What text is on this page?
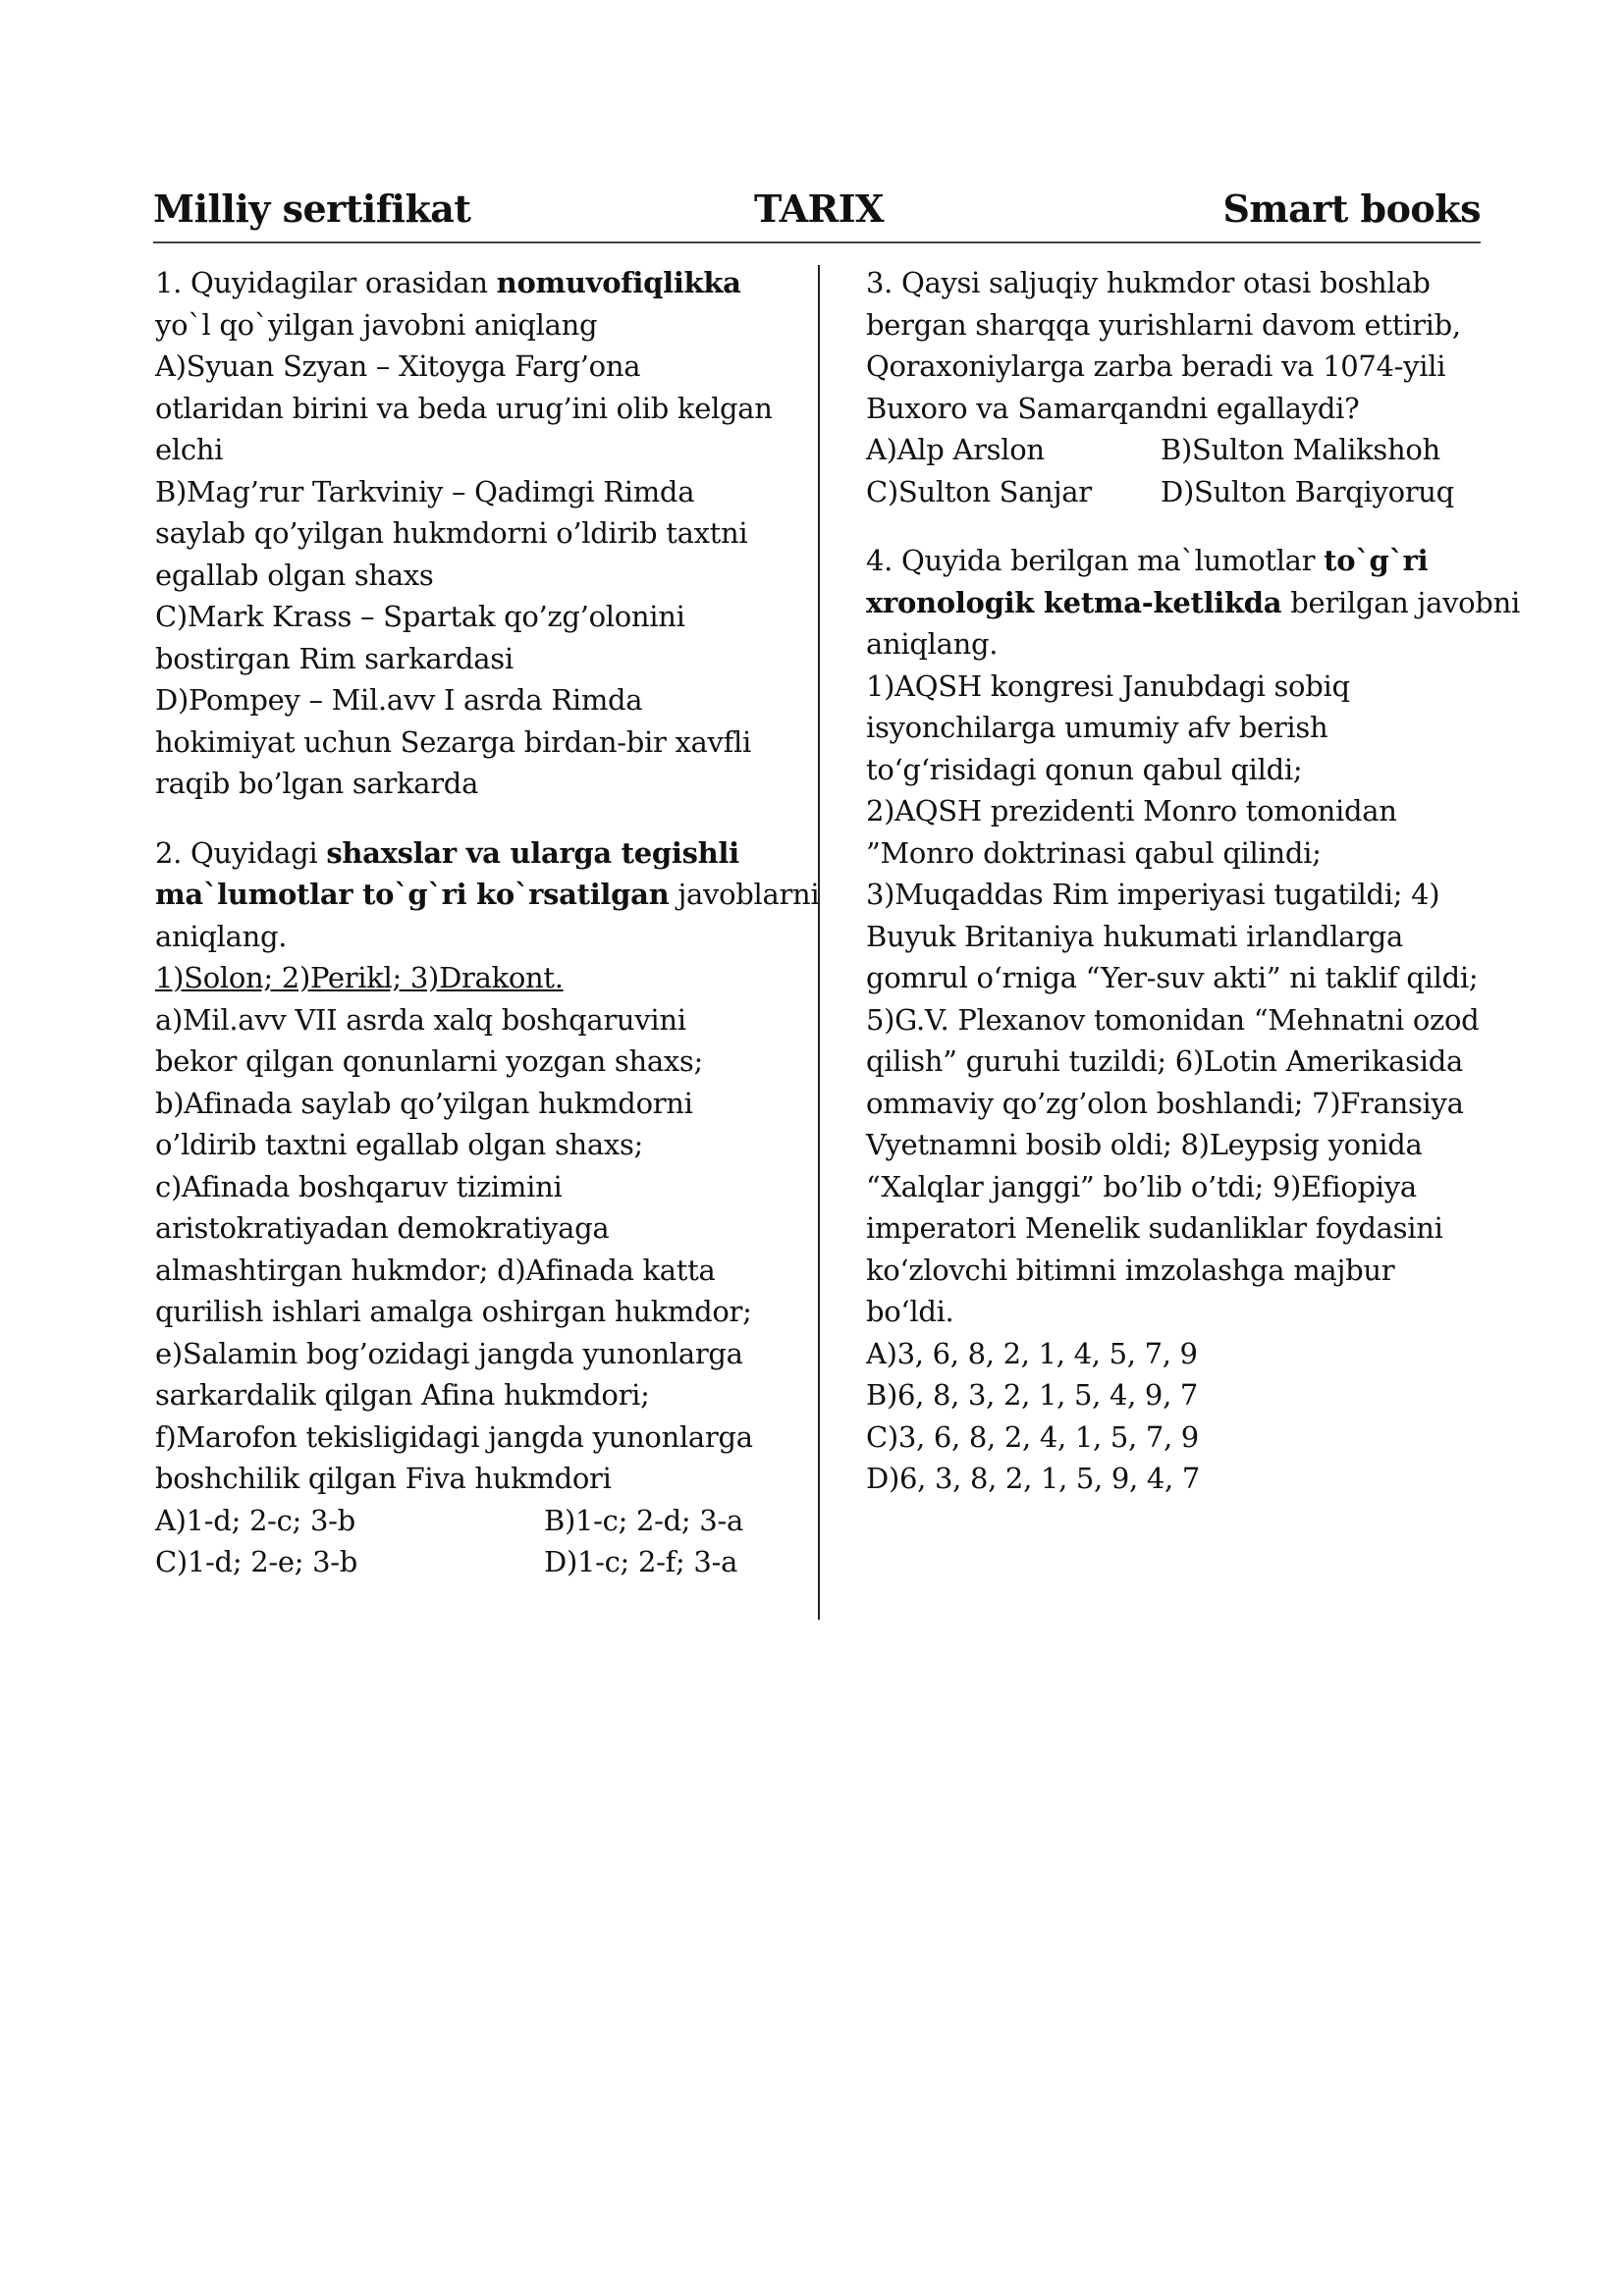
Milliy sertifikat	TARIX	Smart books
1. Quyidagilar orasidan nomuvofiqlikka
yo`l qo`yilgan javobni aniqlang
A)Syuan Szyan – Xitoyga Farg’ona
otlaridan birini va beda urug’ini olib kelgan
elchi
B)Mag’rur Tarkviniy – Qadimgi Rimda
saylab qo’yilgan hukmdorni o’ldirib taxtni
egallab olgan shaxs
C)Mark Krass – Spartak qo’zg’olonini
bostirgan Rim sarkardasi
D)Pompey – Mil.avv I asrda Rimda
hokimiyat uchun Sezarga birdan-bir xavfli
raqib bo’lgan sarkarda
2. Quyidagi shaxslar va ularga tegishli
ma`lumotlar to`g`ri ko`rsatilgan javoblarni
aniqlang.
1)Solon; 2)Perikl; 3)Drakont.
a)Mil.avv VII asrda xalq boshqaruvini
bekor qilgan qonunlarni yozgan shaxs;
b)Afinada saylab qo’yilgan hukmdorni
o’ldirib taxtni egallab olgan shaxs;
c)Afinada boshqaruv tizimini
aristokratiyadan demokratiyaga
almashtirgan hukmdor; d)Afinada katta
qurilish ishlari amalga oshirgan hukmdor;
e)Salamin bog’ozidagi jangda yunonlarga
sarkardalik qilgan Afina hukmdori;
f)Marofon tekisligidagi jangda yunonlarga
boshchilik qilgan Fiva hukmdori
A)1-d; 2-c; 3-b	B)1-c; 2-d; 3-a
C)1-d; 2-e; 3-b	D)1-c; 2-f; 3-a
3. Qaysi saljuqiy hukmdor otasi boshlab
bergan sharqqa yurishlarni davom ettirib,
Qoraxoniylarga zarba beradi va 1074-yili
Buxoro va Samarqandni egallaydi?
A)Alp Arslon	B)Sulton Malikshoh
C)Sulton Sanjar D)Sulton Barqiyoruq
4. Quyida berilgan ma`lumotlar to`g`ri
xronologik ketma-ketlikda berilgan javobni
aniqlang.
1)AQSH kongresi Janubdagi sobiq
isyonchilarga umumiy afv berish
to‘g‘risidagi qonun qabul qildi;
2)AQSH prezidenti Monro tomonidan
”Monro doktrinasi qabul qilindi;
3)Muqaddas Rim imperiyasi tugatildi; 4)
Buyuk Britaniya hukumati irlandlarga
gomrul o‘rniga “Yer-suv akti” ni taklif qildi;
5)G.V. Plexanov tomonidan “Mehnatni ozod
qilish” guruhi tuzildi; 6)Lotin Amerikasida
ommaviy qo’zg’olon boshlandi; 7)Fransiya
Vyetnamni bosib oldi; 8)Leypsig yonida
“Xalqlar janggi” bo’lib o’tdi; 9)Efiopiya
imperatori Menelik sudanliklar foydasini
ko‘zlovchi bitimni imzolashga majbur
bo‘ldi.
A)3, 6, 8, 2, 1, 4, 5, 7, 9
B)6, 8, 3, 2, 1, 5, 4, 9, 7
C)3, 6, 8, 2, 4, 1, 5, 7, 9
D)6, 3, 8, 2, 1, 5, 9, 4, 7
